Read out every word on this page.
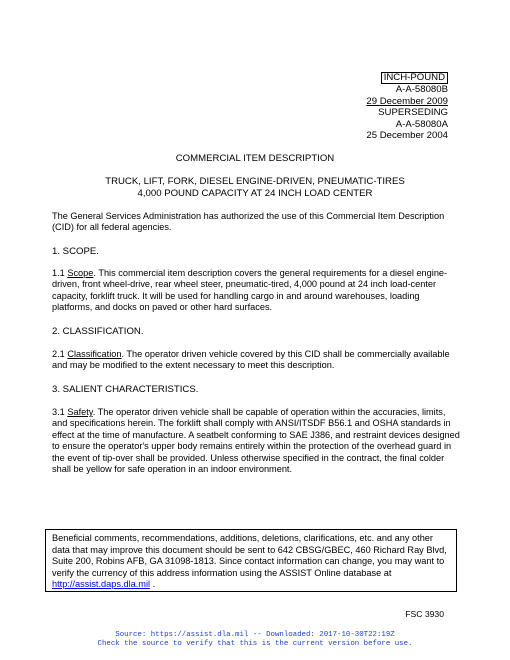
INCH-POUND
A-A-58080B
29 December 2009
SUPERSEDING
A-A-58080A
25 December 2004
COMMERCIAL ITEM DESCRIPTION
TRUCK, LIFT, FORK, DIESEL ENGINE-DRIVEN, PNEUMATIC-TIRES
4,000 POUND CAPACITY AT 24 INCH LOAD CENTER
The General Services Administration has authorized the use of this Commercial Item Description (CID) for all federal agencies.
1. SCOPE.
1.1 Scope. This commercial item description covers the general requirements for a diesel engine-driven, front wheel-drive, rear wheel steer, pneumatic-tired, 4,000 pound at 24 inch load-center capacity, forklift truck. It will be used for handling cargo in and around warehouses, loading platforms, and docks on paved or other hard surfaces.
2. CLASSIFICATION.
2.1 Classification. The operator driven vehicle covered by this CID shall be commercially available and may be modified to the extent necessary to meet this description.
3. SALIENT CHARACTERISTICS.
3.1 Safety. The operator driven vehicle shall be capable of operation within the accuracies, limits, and specifications herein. The forklift shall comply with ANSI/ITSDF B56.1 and OSHA standards in effect at the time of manufacture. A seatbelt conforming to SAE J386, and restraint devices designed to ensure the operator's upper body remains entirely within the protection of the overhead guard in the event of tip-over shall be provided. Unless otherwise specified in the contract, the final colder shall be yellow for safe operation in an indoor environment.
Beneficial comments, recommendations, additions, deletions, clarifications, etc. and any other data that may improve this document should be sent to 642 CBSG/GBEC, 460 Richard Ray Blvd, Suite 200, Robins AFB, GA 31098-1813. Since contact information can change, you may want to verify the currency of this address information using the ASSIST Online database at http://assist.daps.dla.mil .
FSC 3930
Source: https://assist.dla.mil -- Downloaded: 2017-10-30T22:19Z
Check the source to verify that this is the current version before use.
